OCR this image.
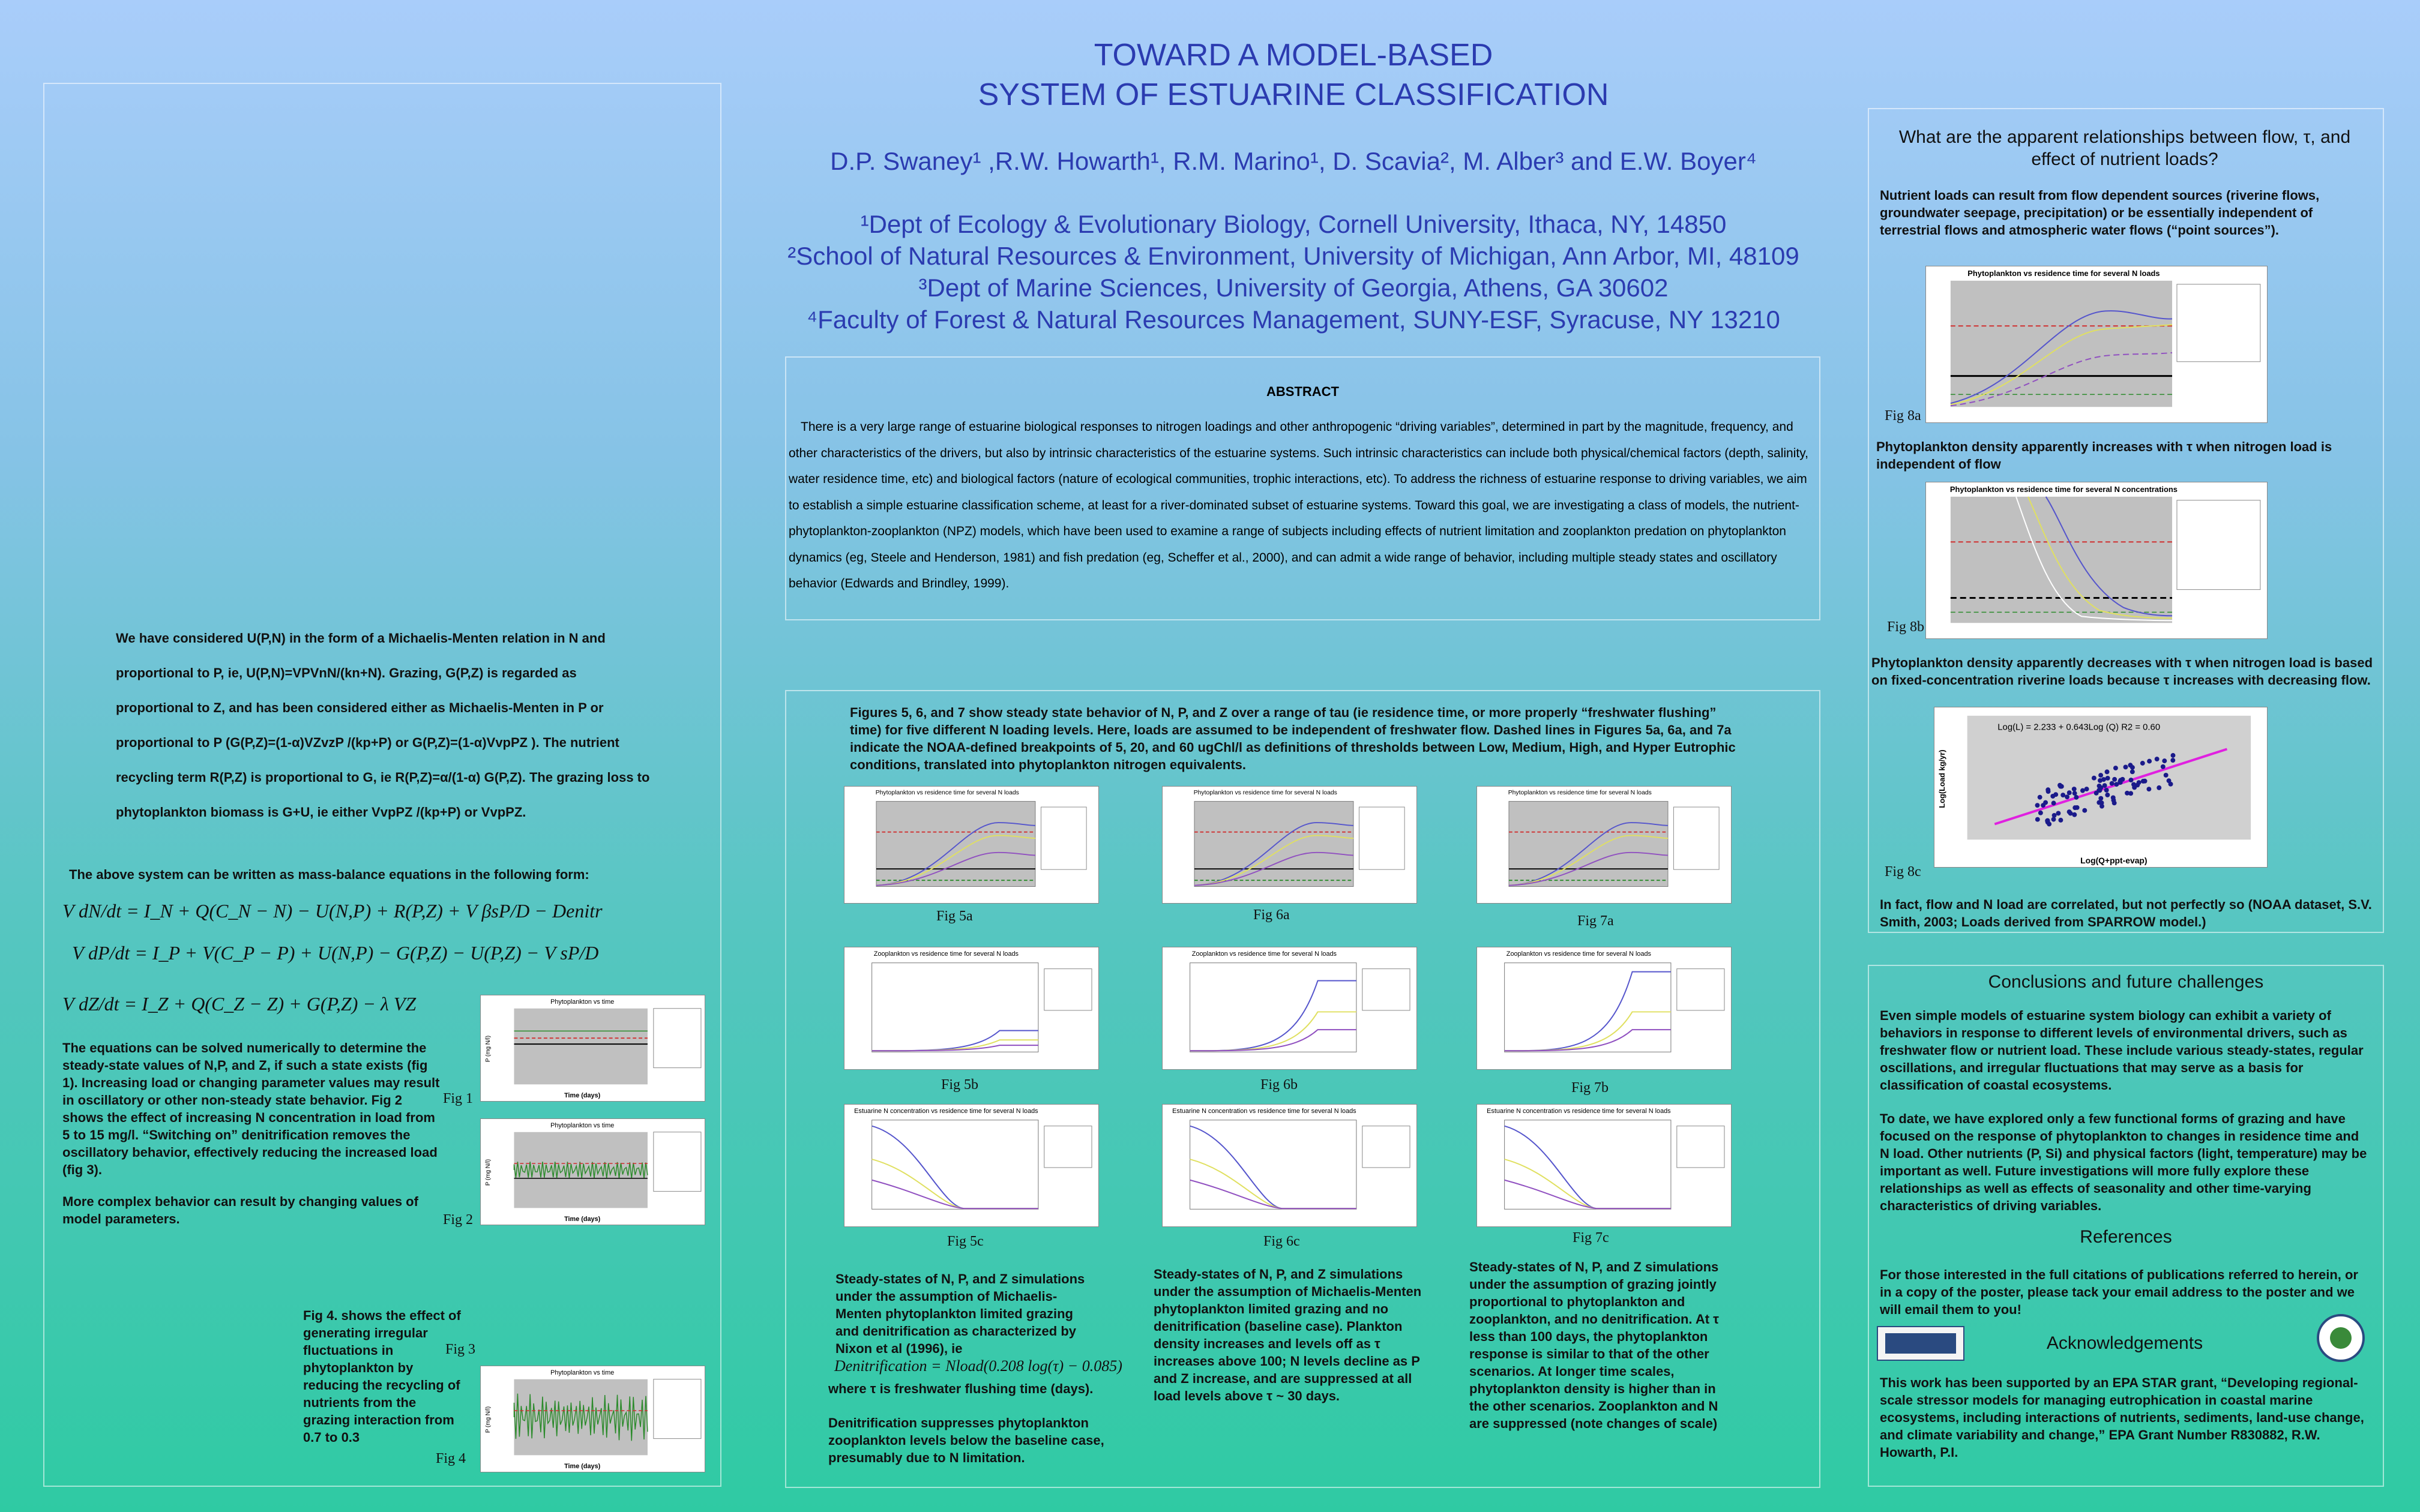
We have considered U(P,N) in the form of a Michaelis-Menten relation in N and proportional to P, ie, U(P,N)=VPVnN/(kn+N). Grazing, G(P,Z) is regarded as proportional to Z, and has been considered either as Michaelis-Menten in P or proportional to P (G(P,Z)=(1-α)VZvzP /(kp+P) or G(P,Z)=(1-α)VvpPZ ). The nutrient recycling term R(P,Z) is proportional to G, ie R(P,Z)=α/(1-α) G(P,Z). The grazing loss to phytoplankton biomass is G+U, ie either VvpPZ /(kp+P) or VvpPZ.
The above system can be written as mass-balance equations in the following form:
V dN/dt = I_N + Q(C_N − N) − U(N,P) + R(P,Z) + V βsP/D − Denitr
V dP/dt = I_P + V(C_P − P) + U(N,P) − G(P,Z) − U(P,Z) − V sP/D
V dZ/dt = I_Z + Q(C_Z − Z) + G(P,Z) − λ VZ
The equations can be solved numerically to determine the steady-state values of N,P, and Z, if such a state exists (fig 1). Increasing load or changing parameter values may result in oscillatory or other non-steady state behavior. Fig 2 shows the effect of increasing N concentration in load from 5 to 15 mg/l. “Switching on” denitrification removes the oscillatory behavior, effectively reducing the increased load (fig 3).
More complex behavior can result by changing values of model parameters.
Fig 4. shows the effect of generating irregular fluctuations in phytoplankton by reducing the recycling of nutrients from the grazing interaction from 0.7 to 0.3
Phytoplankton vs time
Time (days)
P (mg N/l)
Fig 1
Phytoplankton vs time
Time (days)
P (mg N/l)
Fig 2
Fig 3
Phytoplankton vs time
Time (days)
P (mg N/l)
Fig 4
TOWARD A MODEL-BASED
SYSTEM OF ESTUARINE CLASSIFICATION
D.P. Swaney¹ ,R.W. Howarth¹, R.M. Marino¹, D. Scavia², M. Alber³ and E.W. Boyer⁴
¹Dept of Ecology & Evolutionary Biology, Cornell University, Ithaca, NY, 14850
²School of Natural Resources & Environment, University of Michigan, Ann Arbor, MI, 48109
³Dept of Marine Sciences, University of Georgia, Athens, GA 30602
⁴Faculty of Forest & Natural Resources Management, SUNY-ESF, Syracuse, NY 13210
ABSTRACT
There is a very large range of estuarine biological responses to nitrogen loadings and other anthropogenic “driving variables”, determined in part by the magnitude, frequency, and other characteristics of the drivers, but also by intrinsic characteristics of the estuarine systems. Such intrinsic characteristics can include both physical/chemical factors (depth, salinity, water residence time, etc) and biological factors (nature of ecological communities, trophic interactions, etc). To address the richness of estuarine response to driving variables, we aim to establish a simple estuarine classification scheme, at least for a river-dominated subset of estuarine systems. Toward this goal, we are investigating a class of models, the nutrient-phytoplankton-zooplankton (NPZ) models, which have been used to examine a range of subjects including effects of nutrient limitation and zooplankton predation on phytoplankton dynamics (eg, Steele and Henderson, 1981) and fish predation (eg, Scheffer et al., 2000), and can admit a wide range of behavior, including multiple steady states and oscillatory behavior (Edwards and Brindley, 1999).
Figures 5, 6, and 7 show steady state behavior of N, P, and Z over a range of tau (ie residence time, or more properly “freshwater flushing” time) for five different N loading levels. Here, loads are assumed to be independent of freshwater flow. Dashed lines in Figures 5a, 6a, and 7a indicate the NOAA-defined breakpoints of 5, 20, and 60 ugChl/l as definitions of thresholds between Low, Medium, High, and Hyper Eutrophic conditions, translated into phytoplankton nitrogen equivalents.
Phytoplankton vs residence time for several N loads	Phytoplankton vs residence time for several N loads	Phytoplankton vs residence time for several N loads
Zooplankton vs residence time for several N loads	Zooplankton vs residence time for several N loads	Zooplankton vs residence time for several N loads
Estuarine N concentration vs residence time for several N loads	Estuarine N concentration vs residence time for several N loads	Estuarine N concentration vs residence time for several N loads
Fig 5a	Fig 6a	Fig 7a
Fig 5b	Fig 6b	Fig 7b
Fig 5c	Fig 6c	Fig 7c
Steady-states of N, P, and Z simulations under the assumption of Michaelis-Menten phytoplankton limited grazing and denitrification as characterized by Nixon et al (1996), ie
Denitrification = Nload(0.208 log(τ) − 0.085)
where τ is freshwater flushing time (days).
Denitrification suppresses phytoplankton zooplankton levels below the baseline case, presumably due to N limitation.
Steady-states of N, P, and Z simulations under the assumption of Michaelis-Menten phytoplankton limited grazing and no denitrification (baseline case). Plankton density increases and levels off as τ increases above 100; N levels decline as P and Z increase, and are suppressed at all load levels above τ ~ 30 days.
Steady-states of N, P, and Z simulations under the assumption of grazing jointly proportional to phytoplankton and zooplankton, and no denitrification. At τ less than 100 days, the phytoplankton response is similar to that of the other scenarios. At longer time scales, phytoplankton density is higher than in the other scenarios. Zooplankton and N are suppressed (note changes of scale)
What are the apparent relationships between flow, τ, and effect of nutrient loads?
Nutrient loads can result from flow dependent sources (riverine flows, groundwater seepage, precipitation) or be essentially independent of terrestrial flows and atmospheric water flows (“point sources”).
Phytoplankton vs residence time for several N loads
Fig 8a
Phytoplankton density apparently increases with τ when nitrogen load is independent of flow
Phytoplankton vs residence time for several N concentrations
Fig 8b
Phytoplankton density apparently decreases with τ when nitrogen load is based on fixed-concentration riverine loads because τ increases with decreasing flow.
Log(L) = 2.233 + 0.643Log (Q) R2 = 0.60
Log(Q+ppt-evap)
Log(Load kg/yr)
Fig 8c
In fact, flow and N load are correlated, but not perfectly so (NOAA dataset, S.V. Smith, 2003; Loads derived from SPARROW model.)
Conclusions and future challenges
Even simple models of estuarine system biology can exhibit a variety of behaviors in response to different levels of environmental drivers, such as freshwater flow or nutrient load. These include various steady-states, regular oscillations, and irregular fluctuations that may serve as a basis for classification of coastal ecosystems.
To date, we have explored only a few functional forms of grazing and have focused on the response of phytoplankton to changes in residence time and N load. Other nutrients (P, Si) and physical factors (light, temperature) may be important as well. Future investigations will more fully explore these relationships as well as effects of seasonality and other time-varying characteristics of driving variables.
References
For those interested in the full citations of publications referred to herein, or in a copy of the poster, please tack your email address to the poster and we will email them to you!
Acknowledgements
This work has been supported by an EPA STAR grant, “Developing regional-scale stressor models for managing eutrophication in coastal marine ecosystems, including interactions of nutrients, sediments, land-use change, and climate variability and change,” EPA Grant Number R830882, R.W. Howarth, P.I.
